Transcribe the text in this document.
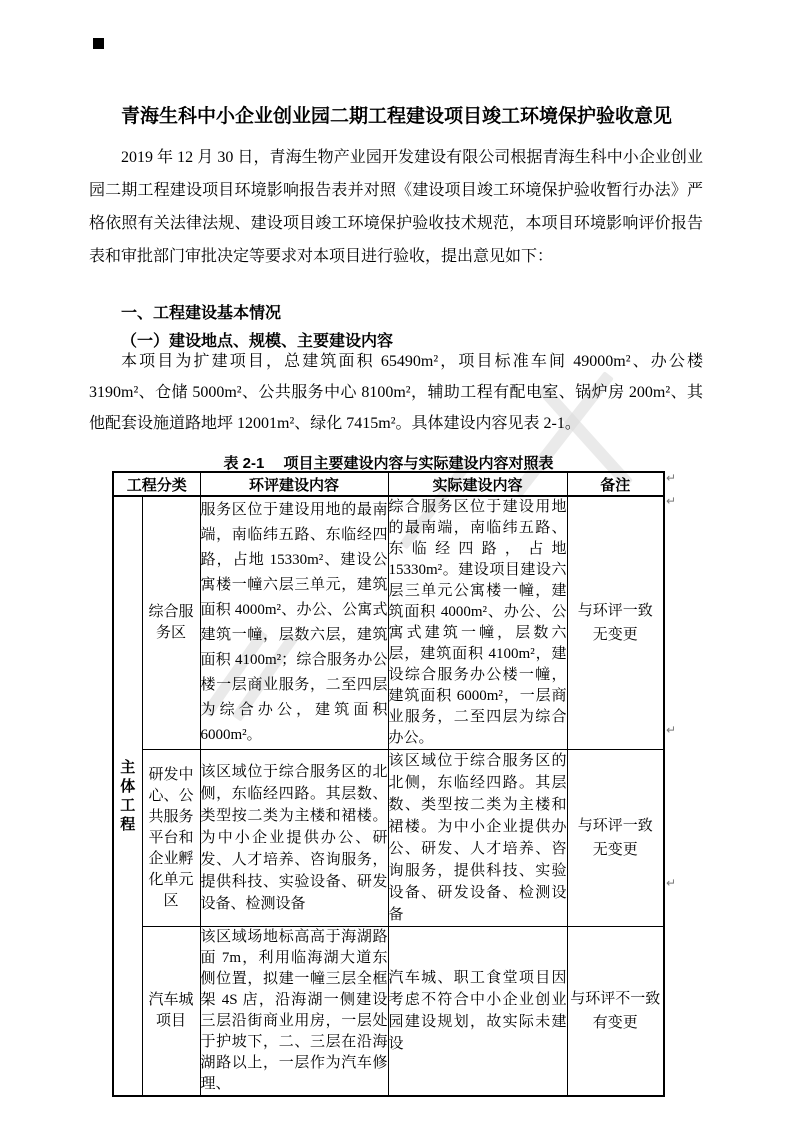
青海生科中小企业创业园二期工程建设项目竣工环境保护验收意见
2019 年 12 月 30 日，青海生物产业园开发建设有限公司根据青海生科中小企业创业园二期工程建设项目环境影响报告表并对照《建设项目竣工环境保护验收暂行办法》严格依照有关法律法规、建设项目竣工环境保护验收技术规范，本项目环境影响评价报告表和审批部门审批决定等要求对本项目进行验收，提出意见如下：
一、工程建设基本情况
（一）建设地点、规模、主要建设内容
本项目为扩建项目，总建筑面积 65490m²，项目标准车间 49000m²、办公楼 3190m²、仓储 5000m²、公共服务中心 8100m²，辅助工程有配电室、锅炉房 200m²、其他配套设施道路地坪 12001m²、绿化 7415m²。具体建设内容见表 2-1。
表 2-1 　项目主要建设内容与实际建设内容对照表
工程分类		环评建设内容	实际建设内容	备注
主体工程	综合服务区	服务区位于建设用地的最南端，南临纬五路、东临经四路，占地 15330m²、建设公寓楼一幢六层三单元，建筑面积 4000m²、办公、公寓式建筑一幢，层数六层，建筑面积 4100m²；综合服务办公楼一层商业服务，二至四层为综合办公，建筑面积 6000m²。	综合服务区位于建设用地的最南端，南临纬五路、东临经四路，占地 15330m²。建设项目建设六层三单元公寓楼一幢，建筑面积 4000m²、办公、公寓式建筑一幢，层数六层，建筑面积 4100m²，建设综合服务办公楼一幢，建筑面积 6000m²，一层商业服务，二至四层为综合办公。	与环评一致
无变更

	研发中心、公共服务平台和企业孵化单元区	该区域位于综合服务区的北侧，东临经四路。其层数、类型按二类为主楼和裙楼。为中小企业提供办公、研发、人才培养、咨询服务，提供科技、实验设备、研发设备、检测设备	该区域位于综合服务区的北侧，东临经四路。其层数、类型按二类为主楼和裙楼。为中小企业提供办公、研发、人才培养、咨询服务，提供科技、实验设备、研发设备、检测设备	与环评一致
无变更

	汽车城项目	该区域场地标高高于海湖路面 7m，利用临海湖大道东侧位置，拟建一幢三层全框架 4S 店，沿海湖一侧建设三层沿街商业用房，一层处于护坡下，二、三层在沿海湖路以上，一层作为汽车修理、	汽车城、职工食堂项目因考虑不符合中小企业创业园建设规划，故实际未建设	与环评不一致
有变更
↵
↵
↵
↵
